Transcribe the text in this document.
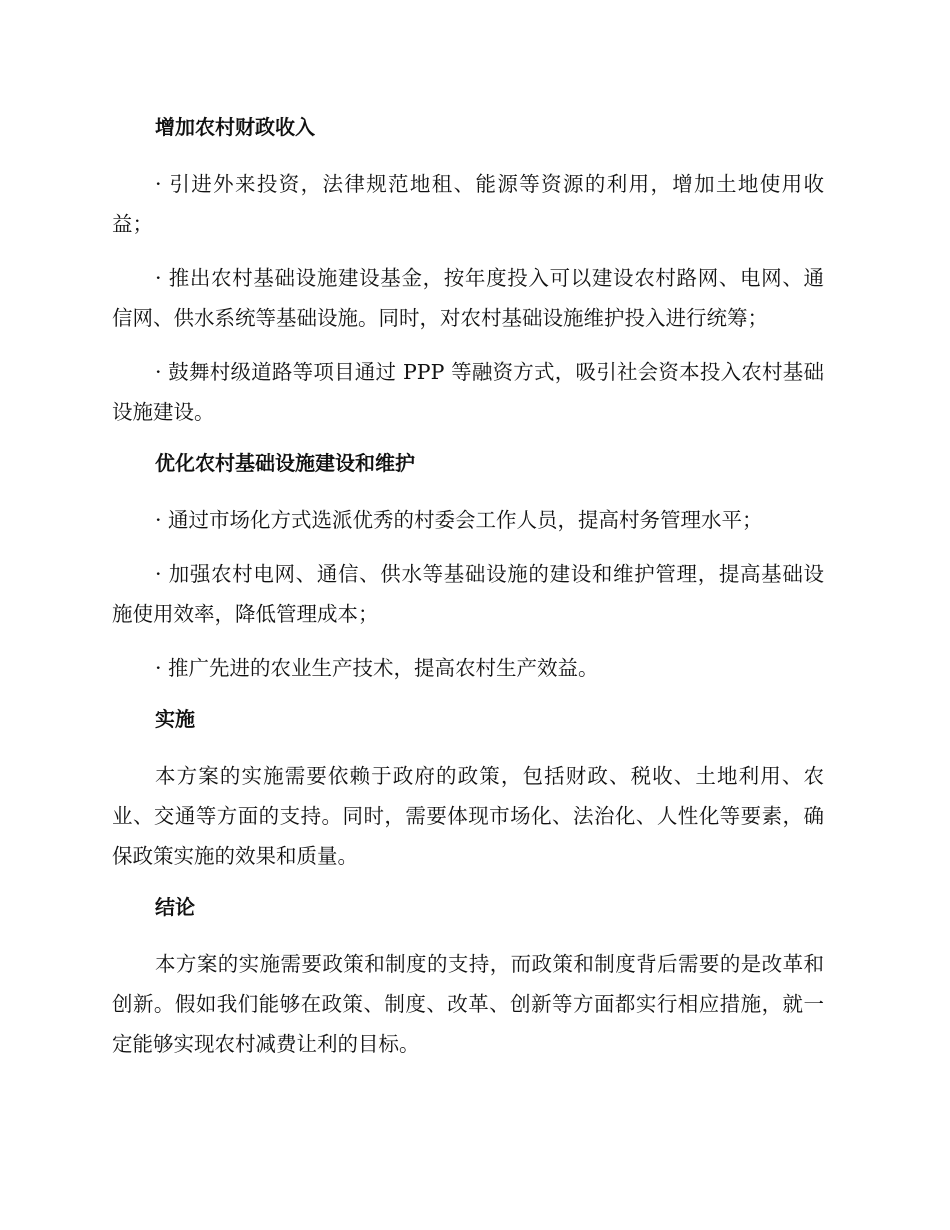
增加农村财政收入

· 引进外来投资，法律规范地租、能源等资源的利用，增加土地使用收益；

· 推出农村基础设施建设基金，按年度投入可以建设农村路网、电网、通信网、供水系统等基础设施。同时，对农村基础设施维护投入进行统筹；

· 鼓舞村级道路等项目通过 PPP 等融资方式，吸引社会资本投入农村基础设施建设。

优化农村基础设施建设和维护

· 通过市场化方式选派优秀的村委会工作人员，提高村务管理水平；

· 加强农村电网、通信、供水等基础设施的建设和维护管理，提高基础设施使用效率，降低管理成本；

· 推广先进的农业生产技术，提高农村生产效益。

实施

本方案的实施需要依赖于政府的政策，包括财政、税收、土地利用、农业、交通等方面的支持。同时，需要体现市场化、法治化、人性化等要素，确保政策实施的效果和质量。

结论

本方案的实施需要政策和制度的支持，而政策和制度背后需要的是改革和创新。假如我们能够在政策、制度、改革、创新等方面都实行相应措施，就一定能够实现农村减费让利的目标。
